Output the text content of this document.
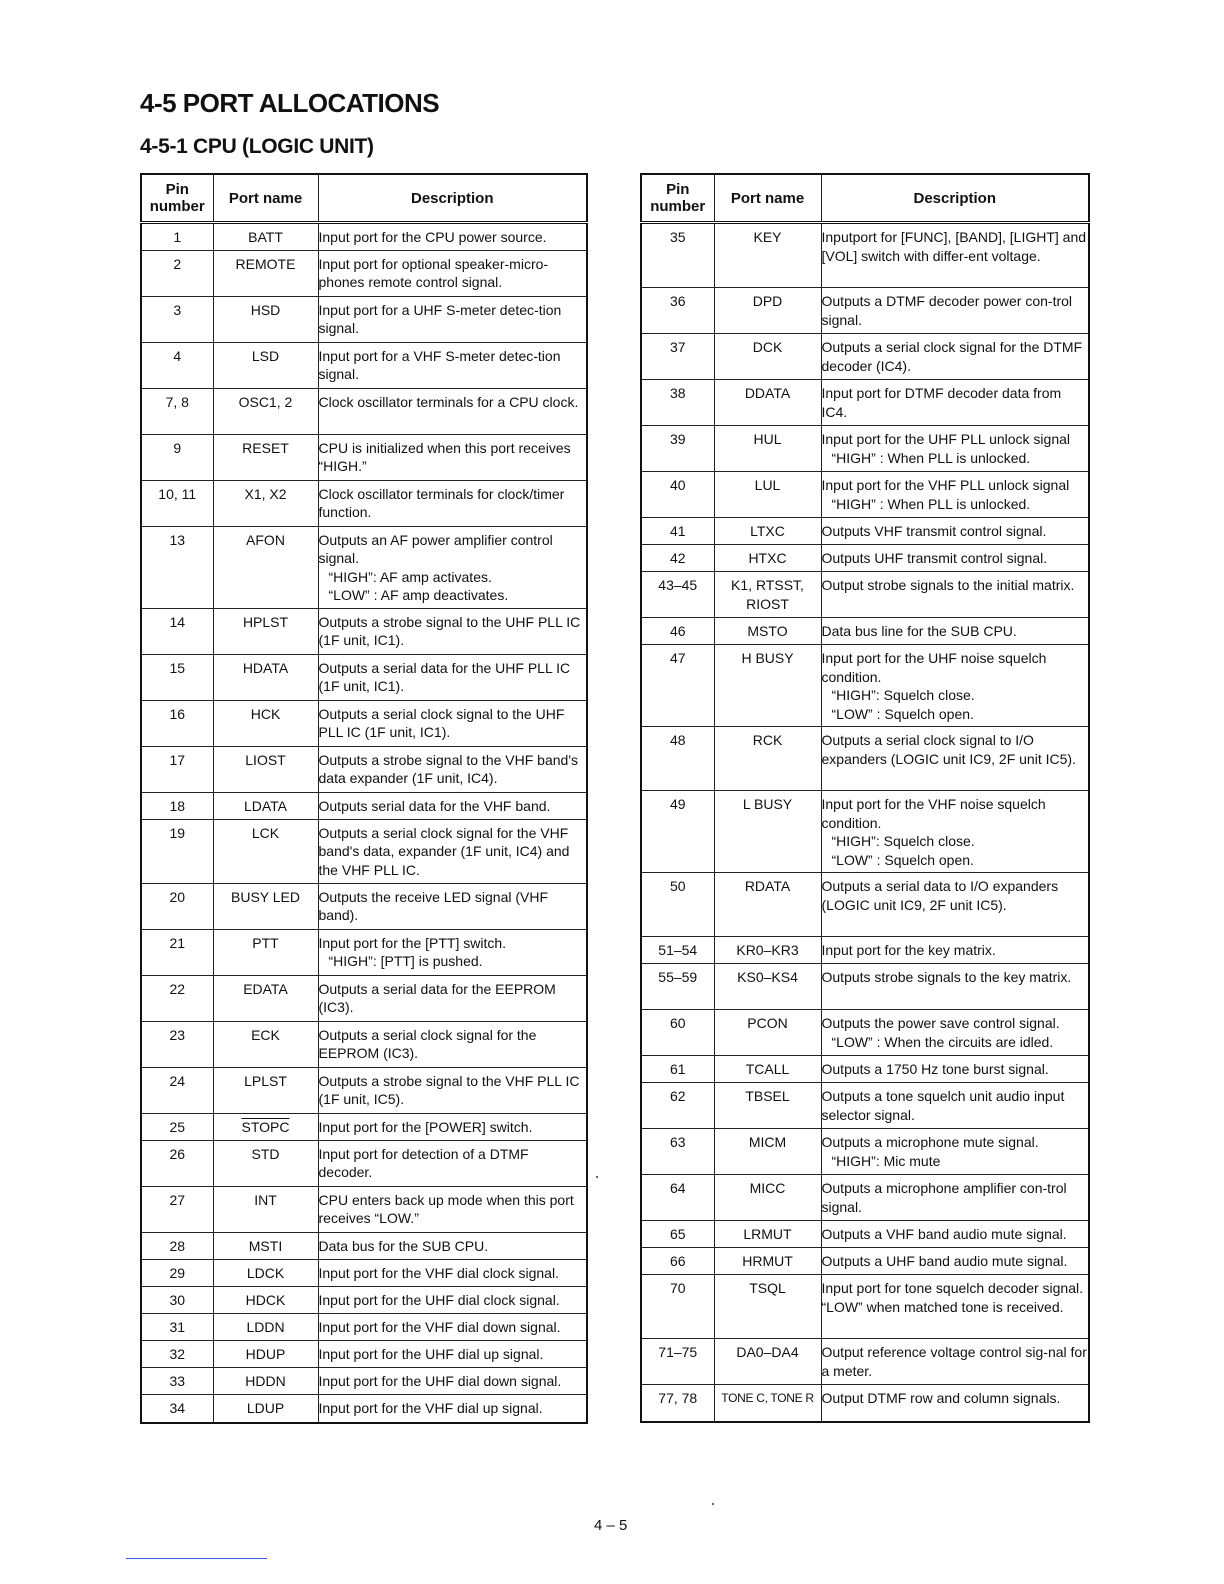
4-5 PORT ALLOCATIONS
4-5-1 CPU (LOGIC UNIT)
Pin number	Port name	Description
1	BATT	Input port for the CPU power source.

2	REMOTE	Input port for optional speaker-micro-phones remote control signal.

3	HSD	Input port for a UHF S-meter detec-tion signal.

4	LSD	Input port for a VHF S-meter detec-tion signal.

7, 8	OSC1, 2	Clock oscillator terminals for a CPU clock.

9	RESET	CPU is initialized when this port receives “HIGH.”

10, 11	X1, X2	Clock oscillator terminals for clock/timer function.

13	AFON	Outputs an AF power amplifier control signal.
“HIGH”: AF amp activates.
“LOW” : AF amp deactivates.

14	HPLST	Outputs a strobe signal to the UHF PLL IC (1F unit, IC1).

15	HDATA	Outputs a serial data for the UHF PLL IC (1F unit, IC1).

16	HCK	Outputs a serial clock signal to the UHF PLL IC (1F unit, IC1).

17	LIOST	Outputs a strobe signal to the VHF band's data expander (1F unit, IC4).

18	LDATA	Outputs serial data for the VHF band.

19	LCK	Outputs a serial clock signal for the VHF band's data, expander (1F unit, IC4) and the VHF PLL IC.

20	BUSY LED	Outputs the receive LED signal (VHF band).

21	PTT	Input port for the [PTT] switch.
“HIGH”: [PTT] is pushed.

22	EDATA	Outputs a serial data for the EEPROM (IC3).

23	ECK	Outputs a serial clock signal for the EEPROM (IC3).

24	LPLST	Outputs a strobe signal to the VHF PLL IC (1F unit, IC5).

25	STOPC	Input port for the [POWER] switch.

26	STD	Input port for detection of a DTMF decoder.

27	INT	CPU enters back up mode when this port receives “LOW.”

28	MSTI	Data bus for the SUB CPU.

29	LDCK	Input port for the VHF dial clock signal.

30	HDCK	Input port for the UHF dial clock signal.

31	LDDN	Input port for the VHF dial down signal.

32	HDUP	Input port for the UHF dial up signal.

33	HDDN	Input port for the UHF dial down signal.

34	LDUP	Input port for the VHF dial up signal.
Pin number	Port name	Description
35	KEY	Inputport for [FUNC], [BAND], [LIGHT] and [VOL] switch with differ-ent voltage.

36	DPD	Outputs a DTMF decoder power con-trol signal.

37	DCK	Outputs a serial clock signal for the DTMF decoder (IC4).

38	DDATA	Input port for DTMF decoder data from IC4.

39	HUL	Input port for the UHF PLL unlock signal
“HIGH” : When PLL is unlocked.

40	LUL	Input port for the VHF PLL unlock signal
“HIGH” : When PLL is unlocked.

41	LTXC	Outputs VHF transmit control signal.

42	HTXC	Outputs UHF transmit control signal.

43–45	K1, RTSST, RIOST	Output strobe signals to the initial matrix.

46	MSTO	Data bus line for the SUB CPU.

47	H BUSY	Input port for the UHF noise squelch condition.
“HIGH”: Squelch close.
“LOW” : Squelch open.

48	RCK	Outputs a serial clock signal to I/O expanders (LOGIC unit IC9, 2F unit IC5).

49	L BUSY	Input port for the VHF noise squelch condition.
“HIGH”: Squelch close.
“LOW” : Squelch open.

50	RDATA	Outputs a serial data to I/O expanders (LOGIC unit IC9, 2F unit IC5).

51–54	KR0–KR3	Input port for the key matrix.

55–59	KS0–KS4	Outputs strobe signals to the key matrix.

60	PCON	Outputs the power save control signal.
“LOW” : When the circuits are idled.

61	TCALL	Outputs a 1750 Hz tone burst signal.

62	TBSEL	Outputs a tone squelch unit audio input selector signal.

63	MICM	Outputs a microphone mute signal.
“HIGH”: Mic mute

64	MICC	Outputs a microphone amplifier con-trol signal.

65	LRMUT	Outputs a VHF band audio mute signal.

66	HRMUT	Outputs a UHF band audio mute signal.

70	TSQL	Input port for tone squelch decoder signal. “LOW” when matched tone is received.

71–75	DA0–DA4	Output reference voltage control sig-nal for a meter.

77, 78	TONE C, TONE R	Output DTMF row and column signals.
4 – 5
